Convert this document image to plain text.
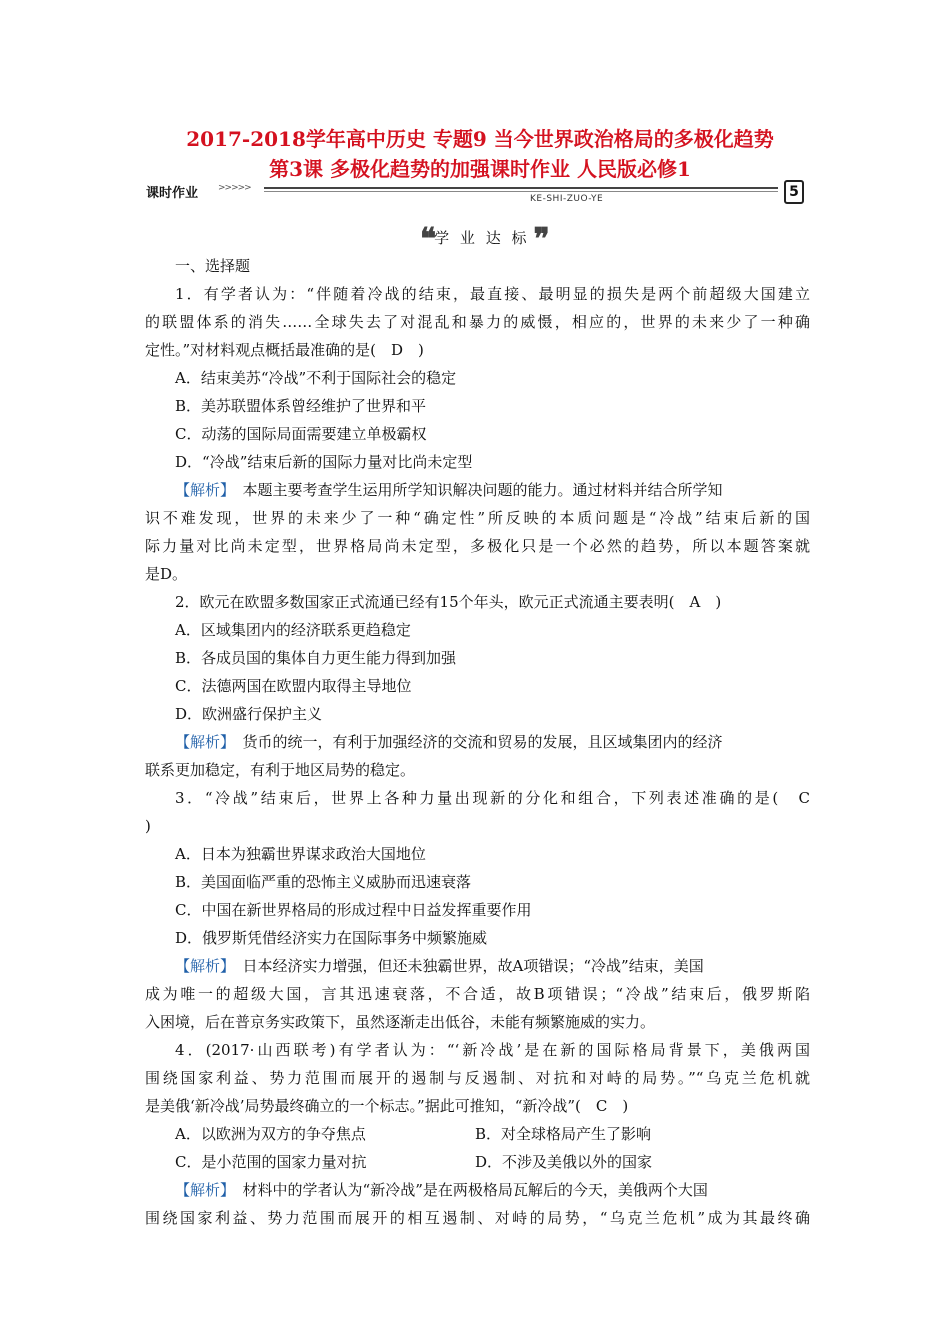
2017-2018学年高中历史 专题9 当今世界政治格局的多极化趋势
第3课 多极化趋势的加强课时作业 人民版必修1
课时作业 >>>>>
KE-SHI-ZUO-YE	5
❝ 学 业 达 标 ❞
一、选择题
1．有学者认为：“伴随着冷战的结束，最直接、最明显的损失是两个前超级大国建立
的联盟体系的消失……全球失去了对混乱和暴力的威慑，相应的，世界的未来少了一种确
定性。”对材料观点概括最准确的是(　D　)
A．结束美苏“冷战”不利于国际社会的稳定
B．美苏联盟体系曾经维护了世界和平
C．动荡的国际局面需要建立单极霸权
D．“冷战”结束后新的国际力量对比尚未定型
【解析】　 本题主要考查学生运用所学知识解决问题的能力。通过材料并结合所学知
识不难发现，世界的未来少了一种“确定性”所反映的本质问题是“冷战”结束后新的国
际力量对比尚未定型，世界格局尚未定型，多极化只是一个必然的趋势，所以本题答案就
是D。
2．欧元在欧盟多数国家正式流通已经有15个年头，欧元正式流通主要表明(　A　)
A．区域集团内的经济联系更趋稳定
B．各成员国的集体自力更生能力得到加强
C．法德两国在欧盟内取得主导地位
D．欧洲盛行保护主义
【解析】　 货币的统一，有利于加强经济的交流和贸易的发展，且区域集团内的经济
联系更加稳定，有利于地区局势的稳定。
3．“冷战”结束后，世界上各种力量出现新的分化和组合，下列表述准确的是(　C
)
A．日本为独霸世界谋求政治大国地位
B．美国面临严重的恐怖主义威胁而迅速衰落
C．中国在新世界格局的形成过程中日益发挥重要作用
D．俄罗斯凭借经济实力在国际事务中频繁施威
【解析】　 日本经济实力增强，但还未独霸世界，故A项错误；“冷战”结束，美国
成为唯一的超级大国，言其迅速衰落，不合适，故B项错误；“冷战”结束后，俄罗斯陷
入困境，后在普京务实政策下，虽然逐渐走出低谷，未能有频繁施威的实力。
4．(2017·山西联考)有学者认为：“‘新冷战’是在新的国际格局背景下，美俄两国
围绕国家利益、势力范围而展开的遏制与反遏制、对抗和对峙的局势。”“乌克兰危机就
是美俄‘新冷战’局势最终确立的一个标志。”据此可推知，“新冷战”(　C　)
A．以欧洲为双方的争夺焦点	B．对全球格局产生了影响
C．是小范围的国家力量对抗	D．不涉及美俄以外的国家
【解析】　 材料中的学者认为“新冷战”是在两极格局瓦解后的今天，美俄两个大国
围绕国家利益、势力范围而展开的相互遏制、对峙的局势，“乌克兰危机”成为其最终确
